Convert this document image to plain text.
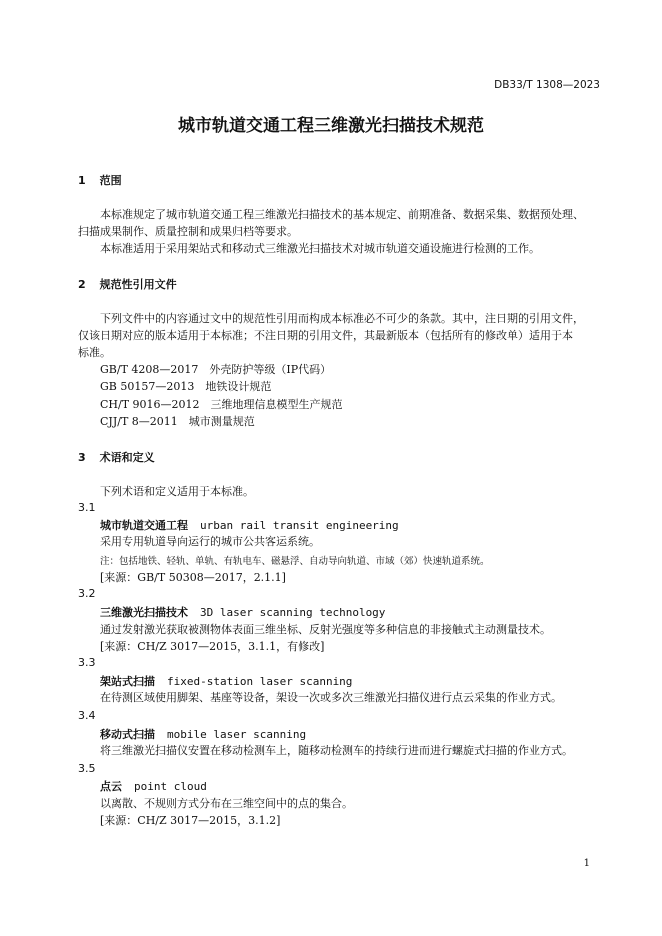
DB33/T 1308—2023
城市轨道交通工程三维激光扫描技术规范
1 范围
本标准规定了城市轨道交通工程三维激光扫描技术的基本规定、前期准备、数据采集、数据预处理、
扫描成果制作、质量控制和成果归档等要求。
本标准适用于采用架站式和移动式三维激光扫描技术对城市轨道交通设施进行检测的工作。
2 规范性引用文件
下列文件中的内容通过文中的规范性引用而构成本标准必不可少的条款。其中，注日期的引用文件，
仅该日期对应的版本适用于本标准；不注日期的引用文件，其最新版本（包括所有的修改单）适用于本
标准。
GB/T 4208—2017　外壳防护等级（IP代码）
GB 50157—2013　地铁设计规范
CH/T 9016—2012　三维地理信息模型生产规范
CJJ/T 8—2011　城市测量规范
3 术语和定义
下列术语和定义适用于本标准。
3.1
城市轨道交通工程 urban rail transit engineering
采用专用轨道导向运行的城市公共客运系统。
注：包括地铁、轻轨、单轨、有轨电车、磁悬浮、自动导向轨道、市域（郊）快速轨道系统。
[来源：GB/T 50308—2017，2.1.1]
3.2
三维激光扫描技术 3D laser scanning technology
通过发射激光获取被测物体表面三维坐标、反射光强度等多种信息的非接触式主动测量技术。
[来源：CH/Z 3017—2015，3.1.1，有修改]
3.3
架站式扫描 fixed-station laser scanning
在待测区域使用脚架、基座等设备，架设一次或多次三维激光扫描仪进行点云采集的作业方式。
3.4
移动式扫描 mobile laser scanning
将三维激光扫描仪安置在移动检测车上，随移动检测车的持续行进而进行螺旋式扫描的作业方式。
3.5
点云 point cloud
以离散、不规则方式分布在三维空间中的点的集合。
[来源：CH/Z 3017—2015，3.1.2]
1
